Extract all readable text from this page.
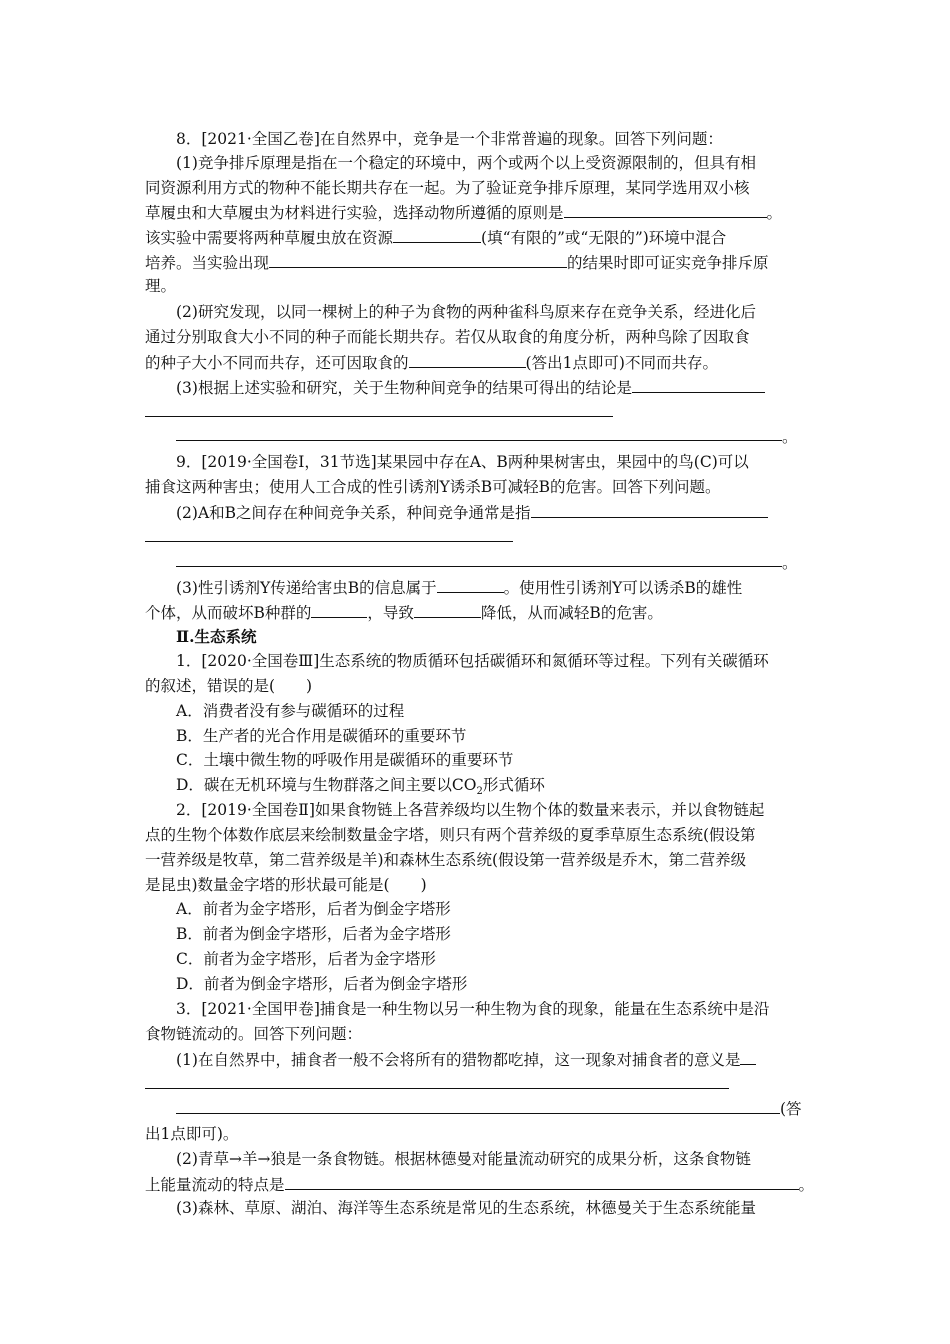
8．[2021·全国乙卷]在自然界中，竞争是一个非常普遍的现象。回答下列问题：
(1)竞争排斥原理是指在一个稳定的环境中，两个或两个以上受资源限制的，但具有相
同资源利用方式的物种不能长期共存在一起。为了验证竞争排斥原理，某同学选用双小核
草履虫和大草履虫为材料进行实验，选择动物所遵循的原则是	。
该实验中需要将两种草履虫放在资源	(填“有限的”或“无限的”)环境中混合
培养。当实验出现	的结果时即可证实竞争排斥原
理。
(2)研究发现，以同一棵树上的种子为食物的两种雀科鸟原来存在竞争关系，经进化后
通过分别取食大小不同的种子而能长期共存。若仅从取食的角度分析，两种鸟除了因取食
的种子大小不同而共存，还可因取食的	(答出1点即可)不同而共存。
(3)根据上述实验和研究，关于生物种间竞争的结果可得出的结论是
。
9．[2019·全国卷Ⅰ，31节选]某果园中存在A、B两种果树害虫，果园中的鸟(C)可以
捕食这两种害虫；使用人工合成的性引诱剂Y诱杀B可减轻B的危害。回答下列问题。
(2)A和B之间存在种间竞争关系，种间竞争通常是指
。
(3)性引诱剂Y传递给害虫B的信息属于	。使用性引诱剂Y可以诱杀B的雄性
个体，从而破坏B种群的	，导致	降低，从而减轻B的危害。
Ⅱ.生态系统
1．[2020·全国卷Ⅲ]生态系统的物质循环包括碳循环和氮循环等过程。下列有关碳循环
的叙述，错误的是(　　)
A．消费者没有参与碳循环的过程
B．生产者的光合作用是碳循环的重要环节
C．土壤中微生物的呼吸作用是碳循环的重要环节
D．碳在无机环境与生物群落之间主要以$CO_2$形式循环
2．[2019·全国卷Ⅱ]如果食物链上各营养级均以生物个体的数量来表示，并以食物链起
点的生物个体数作底层来绘制数量金字塔，则只有两个营养级的夏季草原生态系统(假设第
一营养级是牧草，第二营养级是羊)和森林生态系统(假设第一营养级是乔木，第二营养级
是昆虫)数量金字塔的形状最可能是(　　)
A．前者为金字塔形，后者为倒金字塔形
B．前者为倒金字塔形，后者为金字塔形
C．前者为金字塔形，后者为金字塔形
D．前者为倒金字塔形，后者为倒金字塔形
3．[2021·全国甲卷]捕食是一种生物以另一种生物为食的现象，能量在生态系统中是沿
食物链流动的。回答下列问题：
(1)在自然界中，捕食者一般不会将所有的猎物都吃掉，这一现象对捕食者的意义是
(答
出1点即可)。
(2)青草→羊→狼是一条食物链。根据林德曼对能量流动研究的成果分析，这条食物链
上能量流动的特点是	。
(3)森林、草原、湖泊、海洋等生态系统是常见的生态系统，林德曼关于生态系统能量
